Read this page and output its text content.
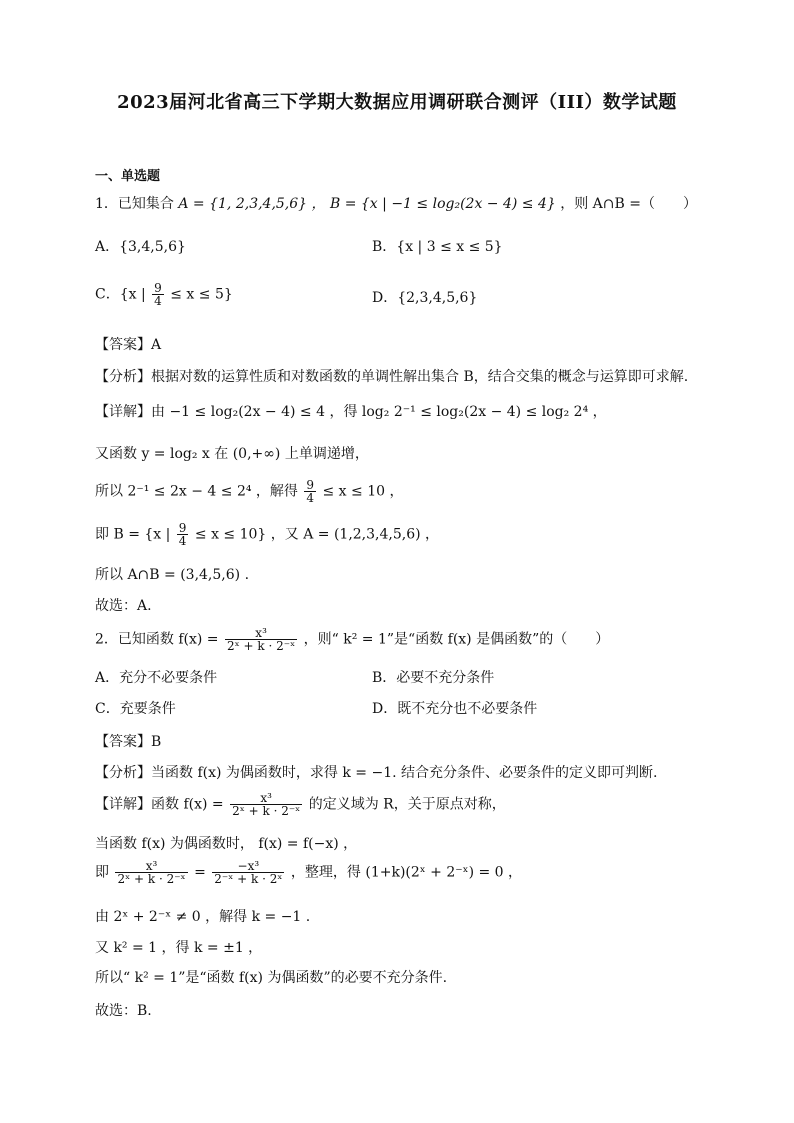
2023届河北省高三下学期大数据应用调研联合测评（III）数学试题
一、单选题
1．已知集合 A = {1, 2,3,4,5,6} ， B = {x | −1 ≤ log₂(2x − 4) ≤ 4} ，则 A∩B =（　　）
A．{3,4,5,6}	B．{x | 3 ≤ x ≤ 5}
C．{x | $\frac{9}{4} \le x \le 5$}	D．{2,3,4,5,6}
【答案】A
【分析】根据对数的运算性质和对数函数的单调性解出集合 B，结合交集的概念与运算即可求解.
【详解】由 −1 ≤ log₂(2x − 4) ≤ 4 ，得 log₂ 2⁻¹ ≤ log₂(2x − 4) ≤ log₂ 2⁴ ，
又函数 y = log₂ x 在 (0,+∞) 上单调递增，
所以 2⁻¹ ≤ 2x − 4 ≤ 2⁴ ，解得 $\frac{9}{4} \le x \le 10$ ，
即 B = {x | $\frac{9}{4} \le x \le 10$} ，又 A = (1,2,3,4,5,6) ，
所以 A∩B = (3,4,5,6) .
故选：A.
2．已知函数 $f(x) = \frac{\text{x³}}{\text{2ˣ + k · 2⁻ˣ}}$ ，则“ k² = 1”是“函数 f(x) 是偶函数”的（　　）
A．充分不必要条件	B．必要不充分条件
C．充要条件	D．既不充分也不必要条件
【答案】B
【分析】当函数 f(x) 为偶函数时，求得 k = −1. 结合充分条件、必要条件的定义即可判断.
【详解】函数 $f(x) = \frac{\text{x³}}{\text{2ˣ + k · 2⁻ˣ}}$ 的定义域为 R，关于原点对称，
当函数 f(x) 为偶函数时， f(x) = f(−x) ，
即 $\frac{\text{x³}}{\text{2ˣ + k · 2⁻ˣ}} = \frac{\text{−x³}}{\text{2⁻ˣ + k · 2ˣ}}$ ，整理，得 (1+k)(2ˣ + 2⁻ˣ) = 0 ，
由 2ˣ + 2⁻ˣ ≠ 0 ，解得 k = −1 .
又 k² = 1 ，得 k = ±1 ，
所以“ k² = 1”是“函数 f(x) 为偶函数”的必要不充分条件.
故选：B.
